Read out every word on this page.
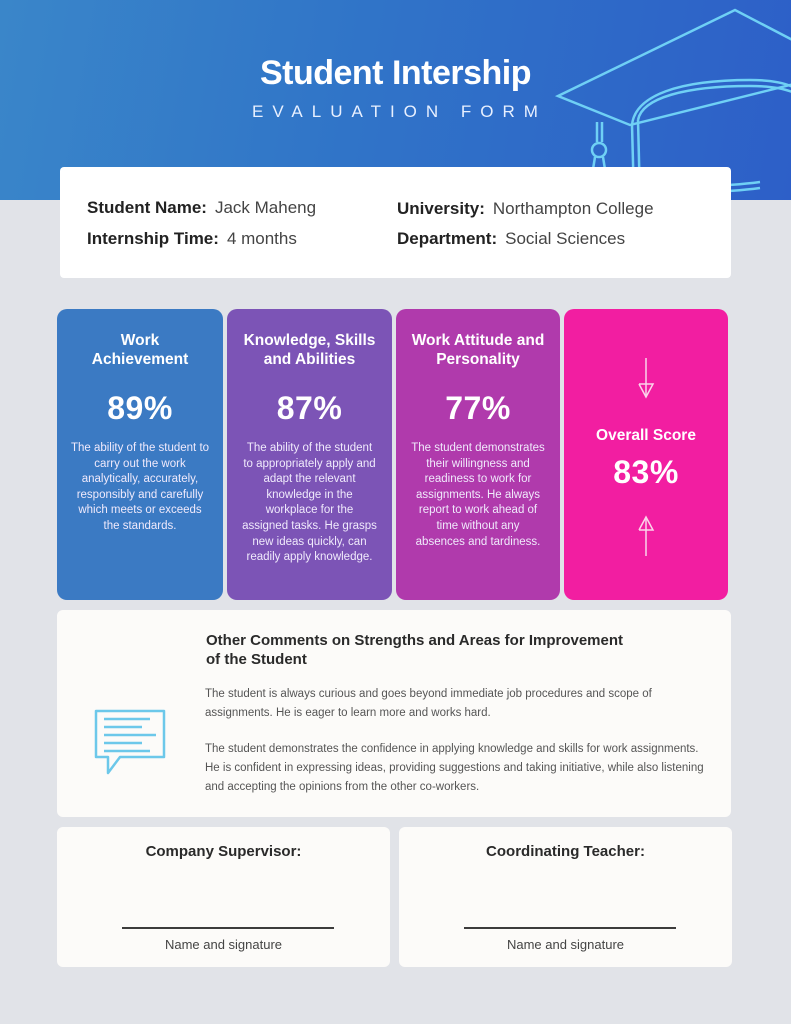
Student Intership
EVALUATION FORM
Student Name: Jack Maheng
Internship Time: 4 months
University: Northampton College
Department: Social Sciences
Work Achievement
89%

The ability of the student to carry out the work analytically, accurately, responsibly and carefully which meets or exceeds the standards.

Knowledge, Skills and Abilities
87%

The ability of the student to appropriately apply and adapt the relevant knowledge in the workplace for the assigned tasks. He grasps new ideas quickly, can readily apply knowledge.

Work Attitude and Personality
77%

The student demonstrates their willingness and readiness to work for assignments. He always report to work ahead of time without any absences and tardiness.

Overall Score
83%
Other Comments on Strengths and Areas for Improvement of the Student

The student is always curious and goes beyond immediate job procedures and scope of assignments. He is eager to learn more and works hard.

The student demonstrates the confidence in applying knowledge and skills for work assignments. He is confident in expressing ideas, providing suggestions and taking initiative, while also listening and accepting the opinions from the other co-workers.

Company Supervisor:
Name and signature
Coordinating Teacher:
Name and signature
